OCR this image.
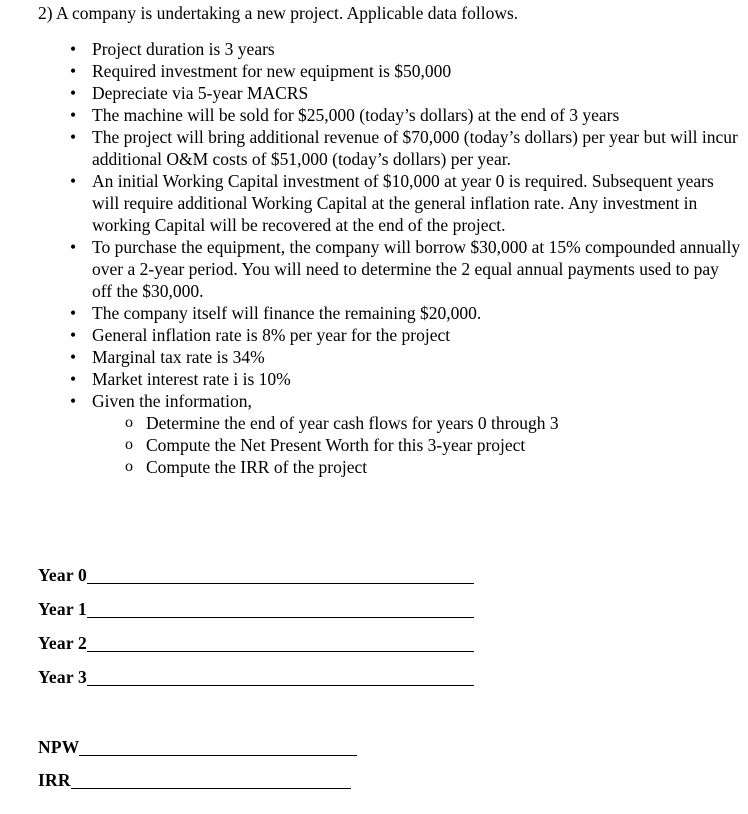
2) A company is undertaking a new project. Applicable data follows.
• Project duration is 3 years
• Required investment for new equipment is $50,000
• Depreciate via 5-year MACRS
• The machine will be sold for $25,000 (today’s dollars) at the end of 3 years
• The project will bring additional revenue of $70,000 (today’s dollars) per year but will incur additional O&M costs of $51,000 (today’s dollars) per year.
• An initial Working Capital investment of $10,000 at year 0 is required. Subsequent years will require additional Working Capital at the general inflation rate. Any investment in working Capital will be recovered at the end of the project.
• To purchase the equipment, the company will borrow $30,000 at 15% compounded annually over a 2-year period. You will need to determine the 2 equal annual payments used to pay off the $30,000.
• The company itself will finance the remaining $20,000.
• General inflation rate is 8% per year for the project
• Marginal tax rate is 34%
• Market interest rate i is 10%
• Given the information,
o Determine the end of year cash flows for years 0 through 3
o Compute the Net Present Worth for this 3-year project
o Compute the IRR of the project
Year 0
Year 1
Year 2
Year 3
NPW
IRR
